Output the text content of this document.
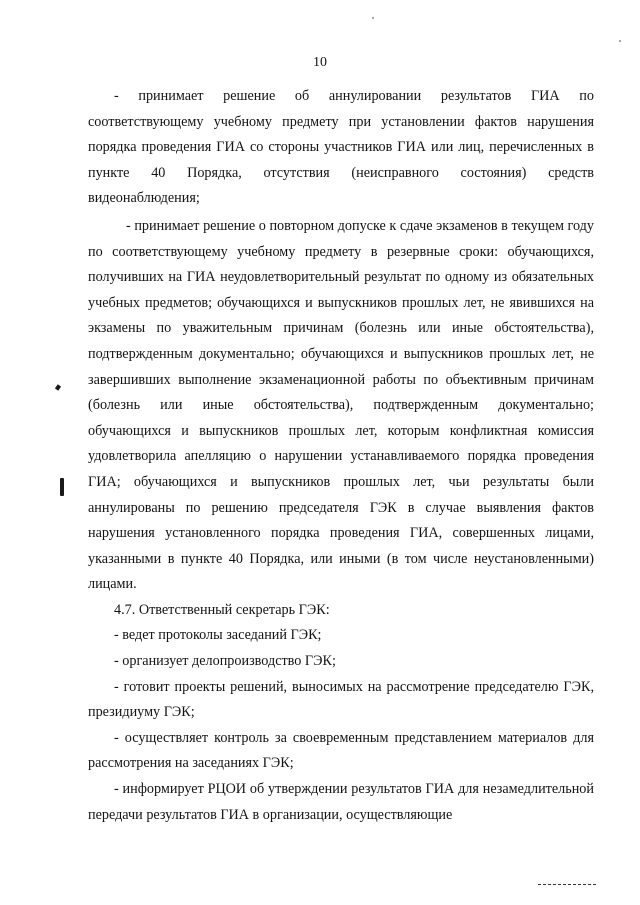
10

- принимает решение об аннулировании результатов ГИА по соответствующему учебному предмету при установлении фактов нарушения порядка проведения ГИА со стороны участников ГИА или лиц, перечисленных в пункте 40 Порядка, отсутствия (неисправного состояния) средств видеонаблюдения;

- принимает решение о повторном допуске к сдаче экзаменов в текущем году по соответствующему учебному предмету в резервные сроки: обучающихся, получивших на ГИА неудовлетворительный результат по одному из обязательных учебных предметов; обучающихся и выпускников прошлых лет, не явившихся на экзамены по уважительным причинам (болезнь или иные обстоятельства), подтвержденным документально; обучающихся и выпускников прошлых лет, не завершивших выполнение экзаменационной работы по объективным причинам (болезнь или иные обстоятельства), подтвержденным документально; обучающихся и выпускников прошлых лет, которым конфликтная комиссия удовлетворила апелляцию о нарушении устанавливаемого порядка проведения ГИА; обучающихся и выпускников прошлых лет, чьи результаты были аннулированы по решению председателя ГЭК в случае выявления фактов нарушения установленного порядка проведения ГИА, совершенных лицами, указанными в пункте 40 Порядка, или иными (в том числе неустановленными) лицами.

4.7. Ответственный секретарь ГЭК:

- ведет протоколы заседаний ГЭК;

- организует делопроизводство ГЭК;

- готовит проекты решений, выносимых на рассмотрение председателю ГЭК, президиуму ГЭК;

- осуществляет контроль за своевременным представлением материалов для рассмотрения на заседаниях ГЭК;

- информирует РЦОИ об утверждении результатов ГИА для незамедлительной передачи результатов ГИА в организации, осуществляющие
